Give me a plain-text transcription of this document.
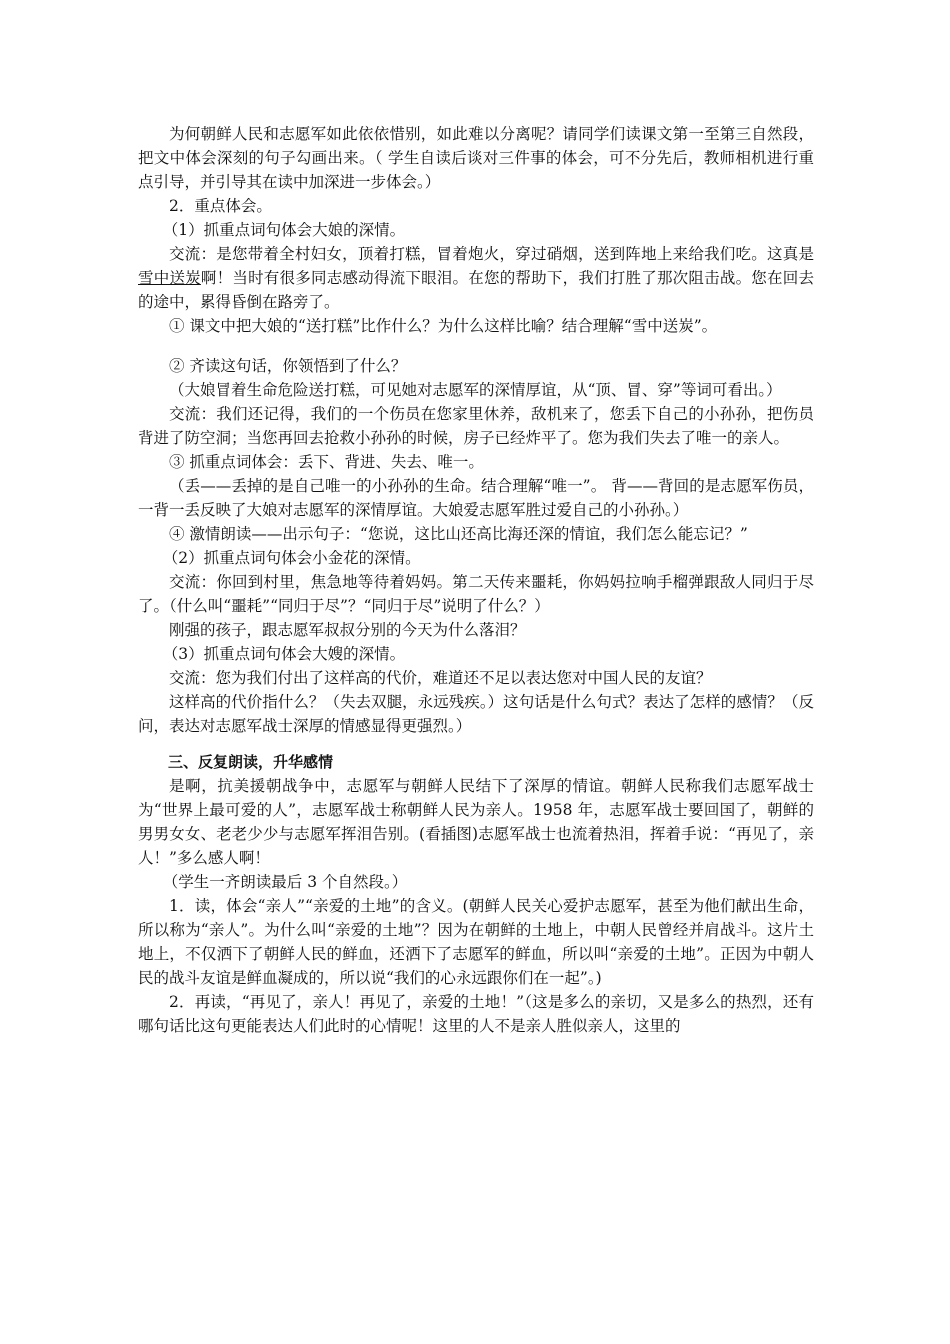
为何朝鲜人民和志愿军如此依依惜别，如此难以分离呢？请同学们读课文第一至第三自然段，把文中体会深刻的句子勾画出来。（ 学生自读后谈对三件事的体会，可不分先后，教师相机进行重点引导，并引导其在读中加深进一步体会。）

2．重点体会。

（1）抓重点词句体会大娘的深情。

交流：是您带着全村妇女，顶着打糕，冒着炮火，穿过硝烟，送到阵地上来给我们吃。这真是雪中送炭啊！当时有很多同志感动得流下眼泪。在您的帮助下，我们打胜了那次阻击战。您在回去的途中，累得昏倒在路旁了。

① 课文中把大娘的“送打糕”比作什么？为什么这样比喻？结合理解“雪中送炭”。

② 齐读这句话，你领悟到了什么？

（大娘冒着生命危险送打糕，可见她对志愿军的深情厚谊，从“顶、冒、穿”等词可看出。）

交流：我们还记得，我们的一个伤员在您家里休养，敌机来了，您丢下自己的小孙孙，把伤员背进了防空洞；当您再回去抢救小孙孙的时候，房子已经炸平了。您为我们失去了唯一的亲人。

③ 抓重点词体会：丢下、背进、失去、唯一。

（丢——丢掉的是自己唯一的小孙孙的生命。结合理解“唯一”。 背——背回的是志愿军伤员，一背一丢反映了大娘对志愿军的深情厚谊。大娘爱志愿军胜过爱自己的小孙孙。）

④ 激情朗读——出示句子：“您说，这比山还高比海还深的情谊，我们怎么能忘记？”

（2）抓重点词句体会小金花的深情。

交流：你回到村里，焦急地等待着妈妈。第二天传来噩耗，你妈妈拉响手榴弹跟敌人同归于尽了。（什么叫“噩耗”“同归于尽”？“同归于尽”说明了什么？）

刚强的孩子，跟志愿军叔叔分别的今天为什么落泪？

（3）抓重点词句体会大嫂的深情。

交流：您为我们付出了这样高的代价，难道还不足以表达您对中国人民的友谊？

这样高的代价指什么？（失去双腿，永远残疾。）这句话是什么句式？表达了怎样的感情？（反问，表达对志愿军战士深厚的情感显得更强烈。）

三、反复朗读，升华感情

是啊，抗美援朝战争中，志愿军与朝鲜人民结下了深厚的情谊。朝鲜人民称我们志愿军战士为“世界上最可爱的人”，志愿军战士称朝鲜人民为亲人。1958 年，志愿军战士要回国了，朝鲜的男男女女、老老少少与志愿军挥泪告别。(看插图)志愿军战士也流着热泪，挥着手说：“再见了，亲人！”多么感人啊！

（学生一齐朗读最后 3 个自然段。）

1．读，体会“亲人”“亲爱的土地”的含义。(朝鲜人民关心爱护志愿军，甚至为他们献出生命，所以称为“亲人”。为什么叫“亲爱的土地”？因为在朝鲜的土地上，中朝人民曾经并肩战斗。这片土地上，不仅洒下了朝鲜人民的鲜血，还洒下了志愿军的鲜血，所以叫“亲爱的土地”。正因为中朝人民的战斗友谊是鲜血凝成的，所以说“我们的心永远跟你们在一起”。)

2．再读，“再见了，亲人！再见了，亲爱的土地！”（这是多么的亲切，又是多么的热烈，还有哪句话比这句更能表达人们此时的心情呢！这里的人不是亲人胜似亲人，这里的
